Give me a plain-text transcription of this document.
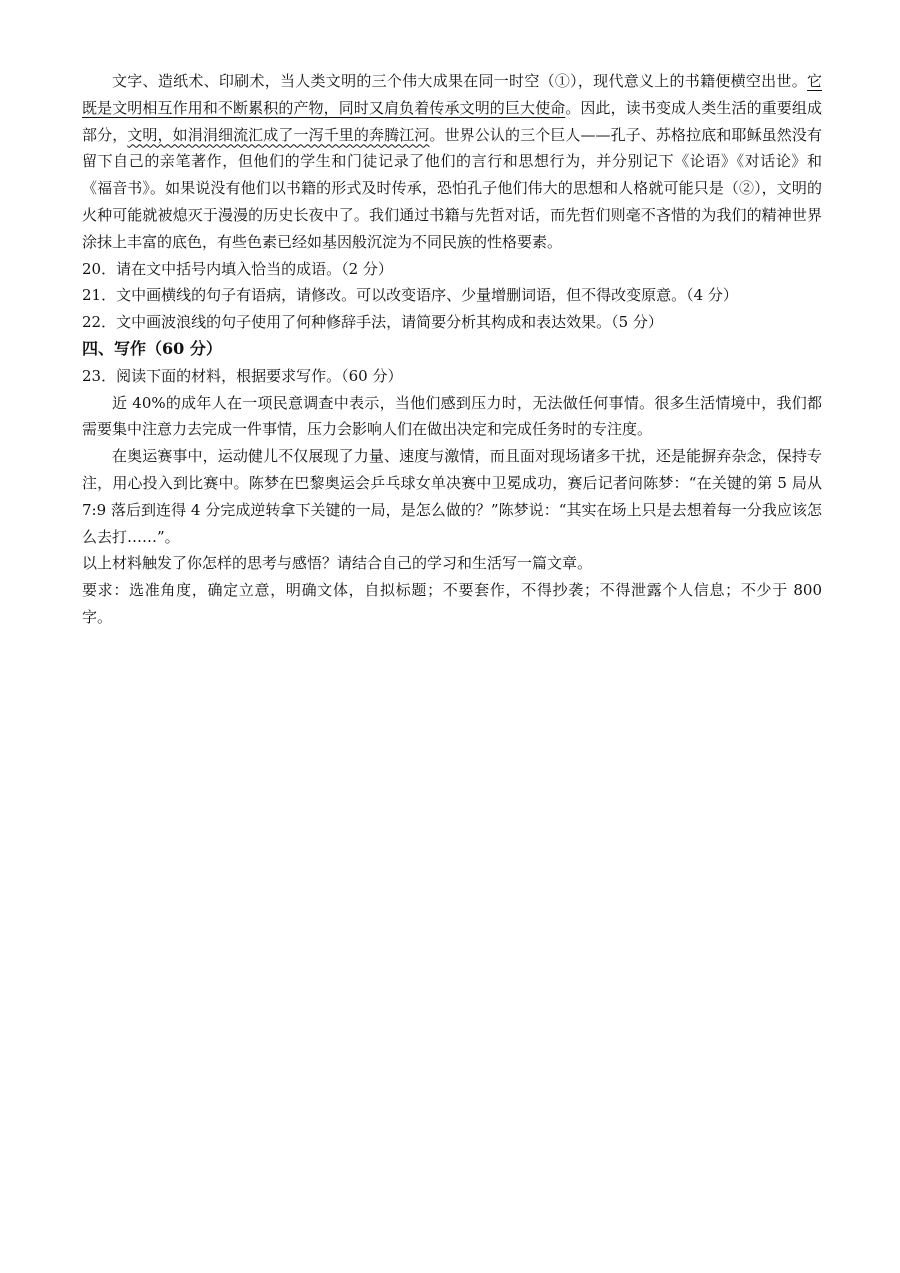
文字、造纸术、印刷术，当人类文明的三个伟大成果在同一时空（①），现代意义上的书籍便横空出世。它既是文明相互作用和不断累积的产物，同时又肩负着传承文明的巨大使命。因此，读书变成人类生活的重要组成部分，文明，如涓涓细流汇成了一泻千里的奔腾江河。世界公认的三个巨人——孔子、苏格拉底和耶稣虽然没有留下自己的亲笔著作，但他们的学生和门徒记录了他们的言行和思想行为，并分别记下《论语》《对话论》和《福音书》。如果说没有他们以书籍的形式及时传承，恐怕孔子他们伟大的思想和人格就可能只是（②），文明的火种可能就被熄灭于漫漫的历史长夜中了。我们通过书籍与先哲对话，而先哲们则毫不吝惜的为我们的精神世界涂抹上丰富的底色，有些色素已经如基因般沉淀为不同民族的性格要素。

20．请在文中括号内填入恰当的成语。（2 分）

21．文中画横线的句子有语病，请修改。可以改变语序、少量增删词语，但不得改变原意。（4 分）

22．文中画波浪线的句子使用了何种修辞手法，请简要分析其构成和表达效果。（5 分）

四、写作（60 分）

23．阅读下面的材料，根据要求写作。（60 分）

近 40%的成年人在一项民意调查中表示，当他们感到压力时，无法做任何事情。很多生活情境中，我们都需要集中注意力去完成一件事情，压力会影响人们在做出决定和完成任务时的专注度。

在奥运赛事中，运动健儿不仅展现了力量、速度与激情，而且面对现场诸多干扰，还是能摒弃杂念，保持专注，用心投入到比赛中。陈梦在巴黎奥运会乒乓球女单决赛中卫冕成功，赛后记者问陈梦：“在关键的第 5 局从 7:9 落后到连得 4 分完成逆转拿下关键的一局，是怎么做的？”陈梦说：“其实在场上只是去想着每一分我应该怎么去打……”。

以上材料触发了你怎样的思考与感悟？请结合自己的学习和生活写一篇文章。

要求：选准角度，确定立意，明确文体，自拟标题；不要套作，不得抄袭；不得泄露个人信息；不少于 800 字。
